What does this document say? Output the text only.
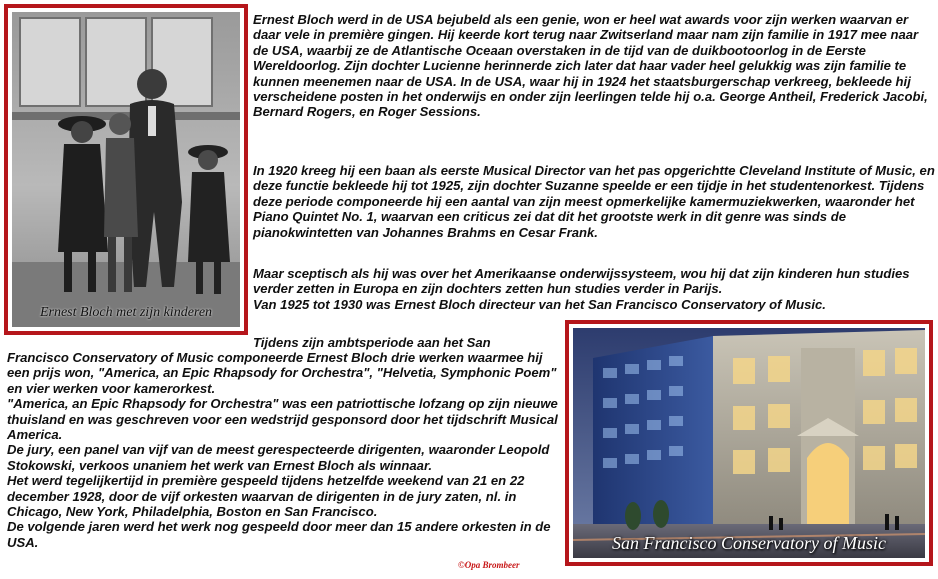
Ernest Bloch met zijn kinderen

Ernest Bloch werd in de USA bejubeld als een genie, won er heel wat awards voor zijn werken waarvan er daar vele in première gingen. Hij keerde kort terug naar Zwitserland maar nam zijn familie in 1917 mee naar de USA, waarbij ze de Atlantische Oceaan overstaken in de tijd van de duikbootoorlog in de Eerste Wereldoorlog. Zijn dochter Lucienne herinnerde zich later dat haar vader heel gelukkig was zijn familie te kunnen meenemen naar de USA. In de USA, waar hij in 1924 het staatsburgerschap verkreeg, bekleede hij verscheidene posten in het onderwijs en onder zijn leerlingen telde hij o.a. George Antheil, Frederick Jacobi, Bernard Rogers, en Roger Sessions.

In 1920 kreeg hij een baan als eerste Musical Director van het pas opgerichtte Cleveland Institute of Music, en deze functie bekleede hij tot 1925, zijn dochter Suzanne speelde er een tijdje in het studentenorkest. Tijdens deze periode componeerde hij een aantal van zijn meest opmerkelijke kamermuziekwerken, waaronder het Piano Quintet No. 1, waarvan een criticus zei dat dit het grootste werk in dit genre was sinds de pianokwintetten van Johannes Brahms en Cesar Frank.

Maar sceptisch als hij was over het Amerikaanse onderwijssysteem, wou hij dat zijn kinderen hun studies verder zetten in Europa en zijn dochters zetten hun studies verder in Parijs.
Van 1925 tot 1930 was Ernest Bloch directeur van het San Francisco Conservatory of Music.

Tijdens zijn ambtsperiode aan het San

Francisco Conservatory of Music componeerde Ernest Bloch drie werken waarmee hij een prijs won, "America, an Epic Rhapsody for Orchestra", "Helvetia, Symphonic Poem" en vier werken voor kamerorkest.
"America, an Epic Rhapsody for Orchestra" was een patriottische lofzang op zijn nieuwe thuisland en was geschreven voor een wedstrijd gesponsord door het tijdschrift Musical America.
De jury, een panel van vijf van de meest gerespecteerde dirigenten, waaronder Leopold Stokowski, verkoos unaniem het werk van Ernest Bloch als winnaar.
Het werd tegelijkertijd in première gespeeld tijdens hetzelfde weekend van 21 en 22 december 1928, door de vijf orkesten waarvan de dirigenten in de jury zaten, nl. in Chicago, New York, Philadelphia, Boston en San Francisco.
De volgende jaren werd het werk nog gespeeld door meer dan 15 andere orkesten in de USA.	San Francisco Conservatory of Music
©Opa Brombeer
